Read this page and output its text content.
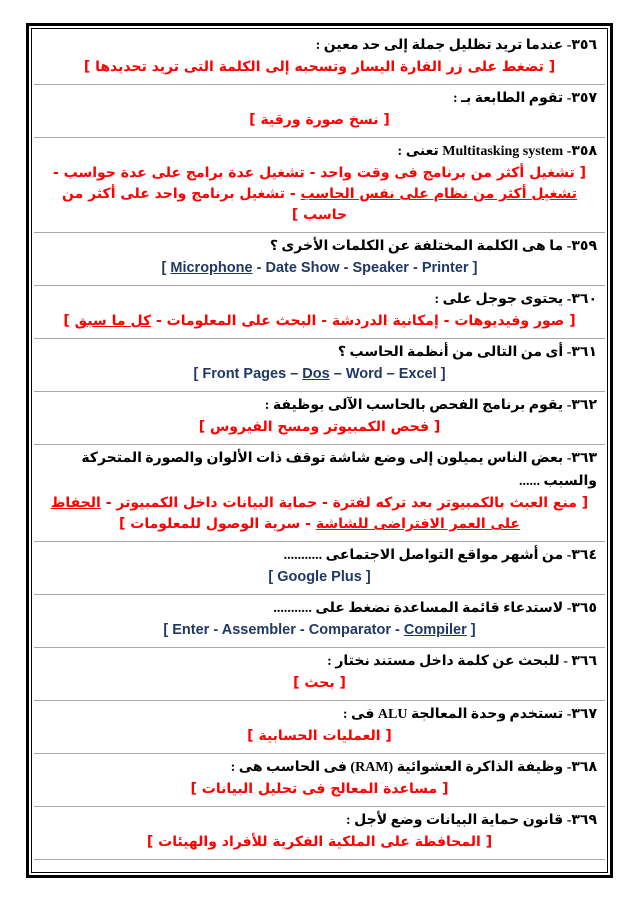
٣٥٦- عندما تريد تظليل جملة إلى حد معين :
[ تضغط على زر الفارة اليسار وتسحبه إلى الكلمة التى تريد تحديدها ]
٣٥٧- تقوم الطابعة بـ :
[ نسخ صورة ورقية ]
٣٥٨- Multitasking system تعنى :
[ تشغيل أكثر من برنامج فى وقت واحد - تشغيل عدة برامج على عدة حواسب - تشغيل أكثر من نظام على نفس الحاسب - تشغيل برنامج واحد على أكثر من حاسب ]
٣٥٩- ما هى الكلمة المختلفة عن الكلمات الأخرى ؟
[ Microphone - Date Show - Speaker - Printer ]
٣٦٠- يحتوى جوجل على :
[ صور وفيديوهات - إمكانية الدردشة - البحث على المعلومات - كل ما سبق ]
٣٦١- أى من التالى من أنظمة الحاسب ؟
[ Front Pages – Dos – Word – Excel ]
٣٦٢- يقوم برنامج الفحص بالحاسب الآلى بوظيفة :
[ فحص الكمبيوتر ومسح الفيروس ]
٣٦٣- بعض الناس يميلون إلى وضع شاشة توقف ذات الألوان والصورة المتحركة والسبب ......
[ منع العبث بالكمبيوتر بعد تركه لفترة - حماية البيانات داخل الكمبيوتر - الحفاظ على العمر الافتراضى للشاشة - سرية الوصول للمعلومات ]
٣٦٤- من أشهر مواقع التواصل الاجتماعى ...........
[ Google Plus ]
٣٦٥- لاستدعاء قائمة المساعدة نضغط على ...........
[ Enter - Assembler - Comparator - Compiler ]
٣٦٦ - للبحث عن كلمة داخل مستند نختار :
[ بحث ]
٣٦٧- تستخدم وحدة المعالجة ALU فى :
[ العمليات الحسابية ]
٣٦٨- وظيفة الذاكرة العشوائية (RAM) فى الحاسب هى :
[ مساعدة المعالج فى تحليل البيانات ]
٣٦٩- قانون حماية البيانات وضع لأجل :
[ المحافظة على الملكية الفكرية للأفراد والهيئات ]
